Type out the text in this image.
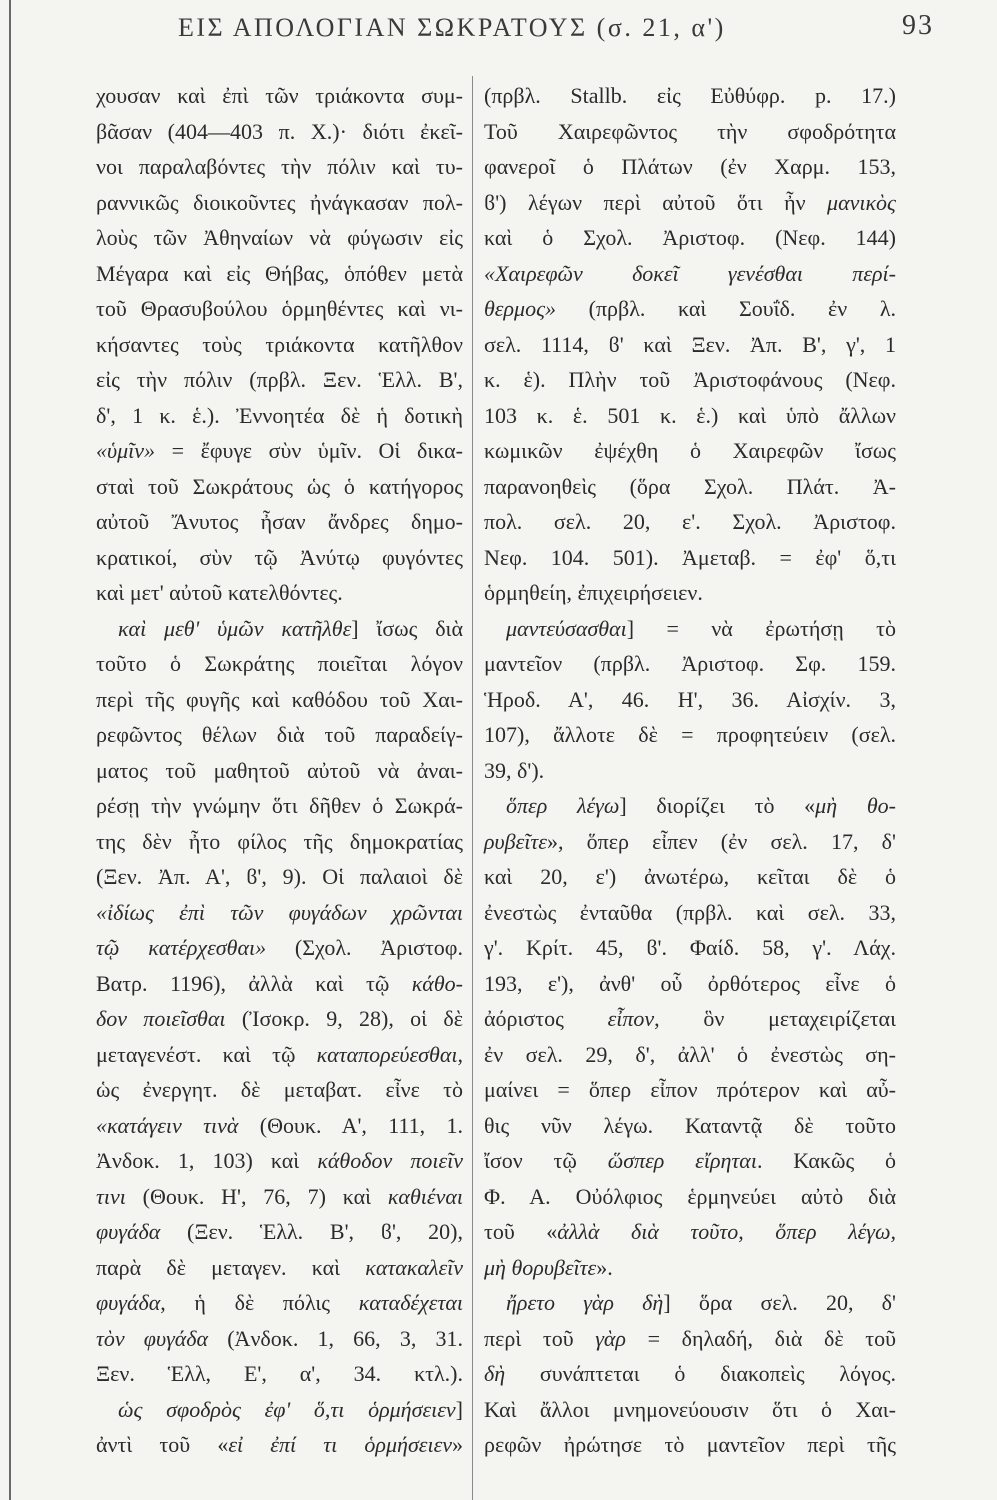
ΕΙΣ ΑΠΟΛΟΓΙΑΝ ΣΩΚΡΑΤΟΥΣ (σ. 21, α')	93
χουσαν καὶ ἐπὶ τῶν τριάκοντα συμ-
βᾶσαν (404—403 π. Χ.)· διότι ἐκεῖ-
νοι παραλαβόντες τὴν πόλιν καὶ τυ-
ραννικῶς διοικοῦντες ἠνάγκασαν πολ-
λοὺς τῶν Ἀθηναίων νὰ φύγωσιν εἰς
Μέγαρα καὶ εἰς Θήβας, ὁπόθεν μετὰ
τοῦ Θρασυβούλου ὁρμηθέντες καὶ νι-
κήσαντες τοὺς τριάκοντα κατῆλθον
εἰς τὴν πόλιν (πρβλ. Ξεν. Ἑλλ. Β',
δ', 1 κ. ἑ.). Ἐννοητέα δὲ ἡ δοτικὴ
«ὑμῖν» = ἔφυγε σὺν ὑμῖν. Οἱ δικα-
σταὶ τοῦ Σωκράτους ὡς ὁ κατήγορος
αὐτοῦ Ἄνυτος ἦσαν ἄνδρες δημο-
κρατικοί, σὺν τῷ Ἀνύτῳ φυγόντες
καὶ μετ' αὐτοῦ κατελθόντες.
καὶ μεθ' ὑμῶν κατῆλθε] ἴσως διὰ
τοῦτο ὁ Σωκράτης ποιεῖται λόγον
περὶ τῆς φυγῆς καὶ καθόδου τοῦ Χαι-
ρεφῶντος θέλων διὰ τοῦ παραδείγ-
ματος τοῦ μαθητοῦ αὐτοῦ νὰ ἀναι-
ρέσῃ τὴν γνώμην ὅτι δῆθεν ὁ Σωκρά-
της δὲν ἦτο φίλος τῆς δημοκρατίας
(Ξεν. Ἀπ. Α', ϐ', 9). Οἱ παλαιοὶ δὲ
«ἰδίως ἐπὶ τῶν φυγάδων χρῶνται
τῷ κατέρχεσθαι» (Σχολ. Ἀριστοφ.
Βατρ. 1196), ἀλλὰ καὶ τῷ κάθο-
δον ποιεῖσθαι (Ἰσοκρ. 9, 28), οἱ δὲ
μεταγενέστ. καὶ τῷ καταπορεύεσθαι,
ὡς ἐνεργητ. δὲ μεταβατ. εἶνε τὸ
«κατάγειν τινὰ (Θουκ. Α', 111, 1.
Ἀνδοκ. 1, 103) καὶ κάθοδον ποιεῖν
τινι (Θουκ. Η', 76, 7) καὶ καθιέναι
φυγάδα (Ξεν. Ἑλλ. Β', ϐ', 20),
παρὰ δὲ μεταγεν. καὶ κατακαλεῖν
φυγάδα, ἡ δὲ πόλις καταδέχεται
τὸν φυγάδα (Ἀνδοκ. 1, 66, 3, 31.
Ξεν. Ἑλλ, Ε', α', 34. κτλ.).
ὡς σφοδρὸς ἐφ' ὅ,τι ὁρμήσειεν]
ἀντὶ τοῦ «εἰ ἐπί τι ὁρμήσειεν»
(πρβλ. Stallb. εἰς Εὐθύφρ. p. 17.)
Τοῦ Χαιρεφῶντος τὴν σφοδρότητα
φανεροῖ ὁ Πλάτων (ἐν Χαρμ. 153,
ϐ') λέγων περὶ αὐτοῦ ὅτι ἦν μανικὸς
καὶ ὁ Σχολ. Ἀριστοφ. (Νεφ. 144)
«Χαιρεφῶν δοκεῖ γενέσθαι περί-
θερμος» (πρβλ. καὶ Σουΐδ. ἐν λ.
σελ. 1114, ϐ' καὶ Ξεν. Ἀπ. Β', γ', 1
κ. ἑ). Πλὴν τοῦ Ἀριστοφάνους (Νεφ.
103 κ. ἑ. 501 κ. ἑ.) καὶ ὑπὸ ἄλλων
κωμικῶν ἐψέχθη ὁ Χαιρεφῶν ἴσως
παρανοηθεὶς (ὅρα Σχολ. Πλάτ. Ἀ-
πολ. σελ. 20, ε'. Σχολ. Ἀριστοφ.
Νεφ. 104. 501). Ἀμεταβ. = ἐφ' ὅ,τι
ὁρμηθείη, ἐπιχειρήσειεν.
μαντεύσασθαι] = νὰ ἐρωτήσῃ τὸ
μαντεῖον (πρβλ. Ἀριστοφ. Σφ. 159.
Ἡροδ. Α', 46. Η', 36. Αἰσχίν. 3,
107), ἄλλοτε δὲ = προφητεύειν (σελ.
39, δ').
ὅπερ λέγω] διορίζει τὸ «μὴ θο-
ρυβεῖτε», ὅπερ εἶπεν (ἐν σελ. 17, δ'
καὶ 20, ε') ἀνωτέρω, κεῖται δὲ ὁ
ἐνεστὼς ἐνταῦθα (πρβλ. καὶ σελ. 33,
γ'. Κρίτ. 45, ϐ'. Φαίδ. 58, γ'. Λάχ.
193, ε'), ἀνθ' οὗ ὀρθότερος εἶνε ὁ
ἀόριστος εἶπον, ὃν μεταχειρίζεται
ἐν σελ. 29, δ', ἀλλ' ὁ ἐνεστὼς ση-
μαίνει = ὅπερ εἶπον πρότερον καὶ αὖ-
θις νῦν λέγω. Καταντᾷ δὲ τοῦτο
ἴσον τῷ ὥσπερ εἴρηται. Κακῶς ὁ
Φ. Α. Οὐόλφιος ἑρμηνεύει αὐτὸ διὰ
τοῦ «ἀλλὰ διὰ τοῦτο, ὅπερ λέγω,
μὴ θορυβεῖτε».
ἤρετο γὰρ δὴ] ὅρα σελ. 20, δ'
περὶ τοῦ γὰρ = δηλαδή, διὰ δὲ τοῦ
δὴ συνάπτεται ὁ διακοπεὶς λόγος.
Καὶ ἄλλοι μνημονεύουσιν ὅτι ὁ Χαι-
ρεφῶν ἠρώτησε τὸ μαντεῖον περὶ τῆς
